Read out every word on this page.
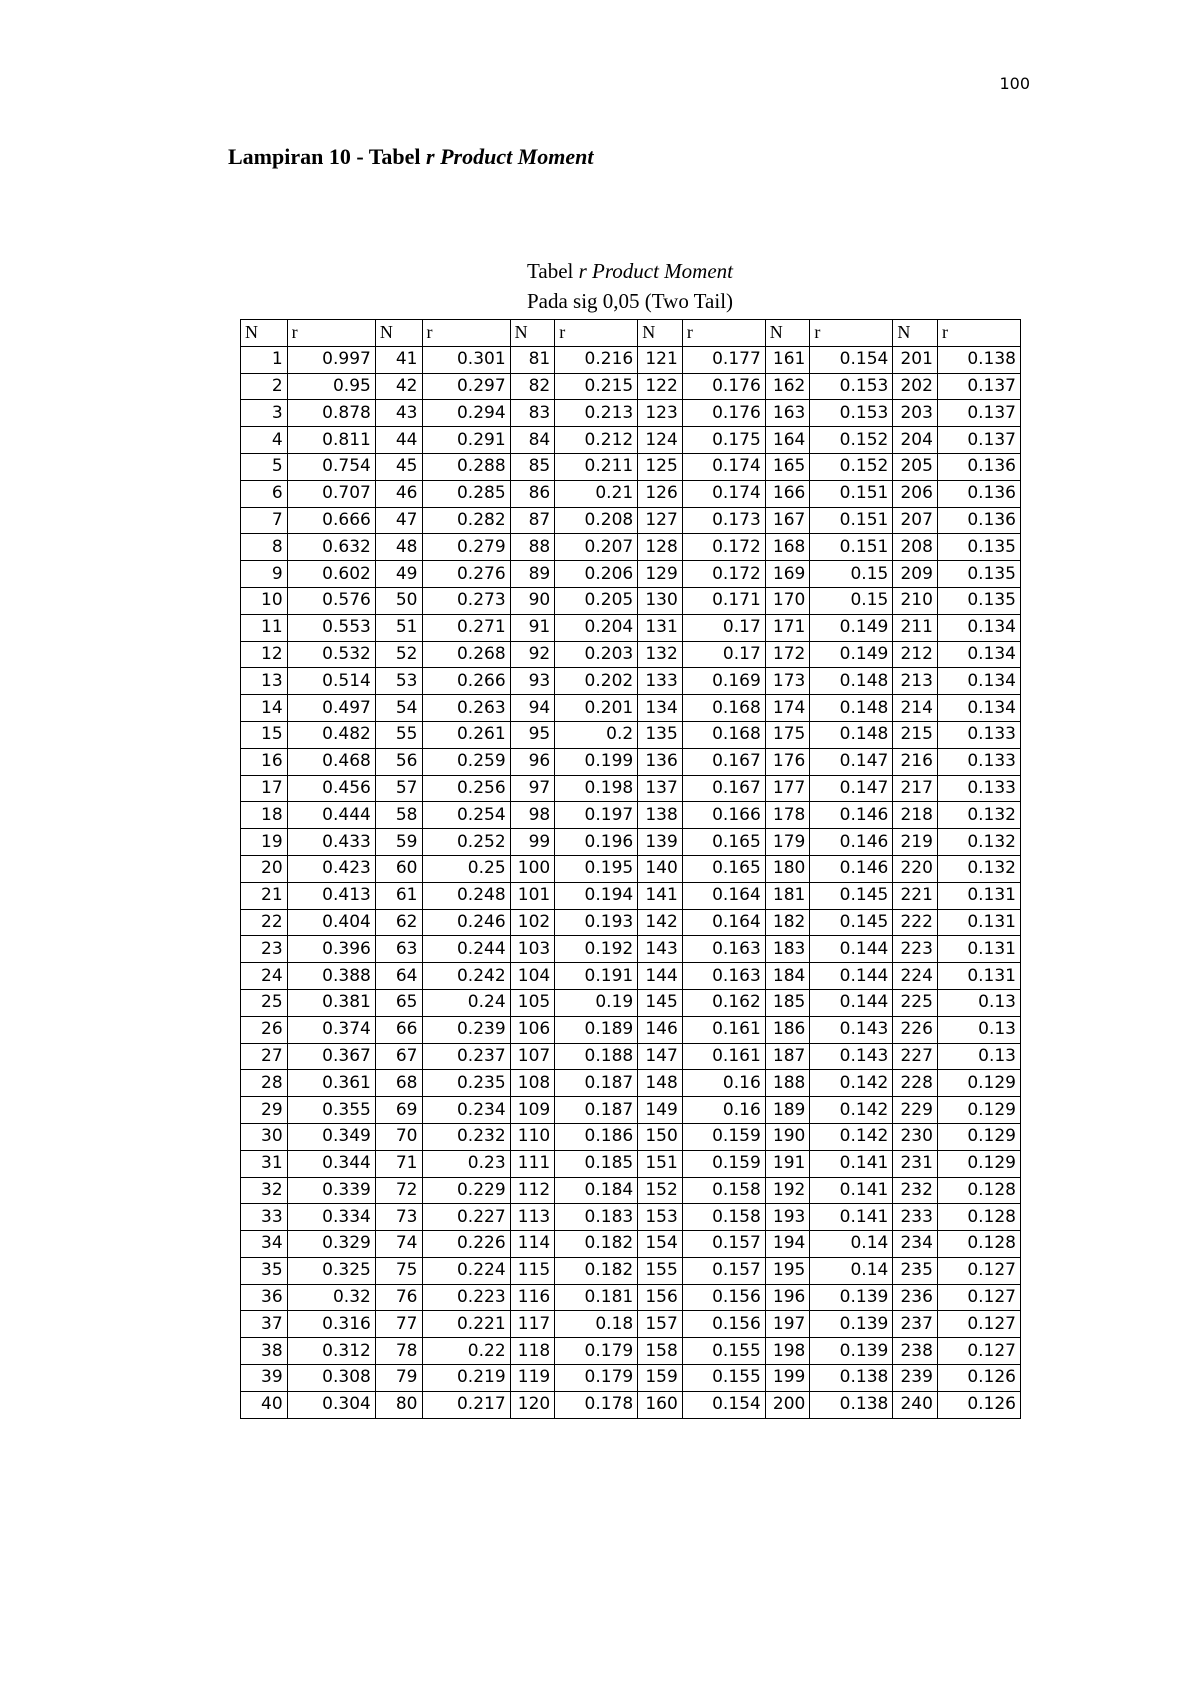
100
Lampiran 10 - Tabel r Product Moment
Tabel r Product Moment
Pada sig 0,05 (Two Tail)
N	r	N	r	N	r	N	r	N	r	N	r
1	0.997	41	0.301	81	0.216	121	0.177	161	0.154	201	0.138
2	0.95	42	0.297	82	0.215	122	0.176	162	0.153	202	0.137
3	0.878	43	0.294	83	0.213	123	0.176	163	0.153	203	0.137
4	0.811	44	0.291	84	0.212	124	0.175	164	0.152	204	0.137
5	0.754	45	0.288	85	0.211	125	0.174	165	0.152	205	0.136
6	0.707	46	0.285	86	0.21	126	0.174	166	0.151	206	0.136
7	0.666	47	0.282	87	0.208	127	0.173	167	0.151	207	0.136
8	0.632	48	0.279	88	0.207	128	0.172	168	0.151	208	0.135
9	0.602	49	0.276	89	0.206	129	0.172	169	0.15	209	0.135
10	0.576	50	0.273	90	0.205	130	0.171	170	0.15	210	0.135
11	0.553	51	0.271	91	0.204	131	0.17	171	0.149	211	0.134
12	0.532	52	0.268	92	0.203	132	0.17	172	0.149	212	0.134
13	0.514	53	0.266	93	0.202	133	0.169	173	0.148	213	0.134
14	0.497	54	0.263	94	0.201	134	0.168	174	0.148	214	0.134
15	0.482	55	0.261	95	0.2	135	0.168	175	0.148	215	0.133
16	0.468	56	0.259	96	0.199	136	0.167	176	0.147	216	0.133
17	0.456	57	0.256	97	0.198	137	0.167	177	0.147	217	0.133
18	0.444	58	0.254	98	0.197	138	0.166	178	0.146	218	0.132
19	0.433	59	0.252	99	0.196	139	0.165	179	0.146	219	0.132
20	0.423	60	0.25	100	0.195	140	0.165	180	0.146	220	0.132
21	0.413	61	0.248	101	0.194	141	0.164	181	0.145	221	0.131
22	0.404	62	0.246	102	0.193	142	0.164	182	0.145	222	0.131
23	0.396	63	0.244	103	0.192	143	0.163	183	0.144	223	0.131
24	0.388	64	0.242	104	0.191	144	0.163	184	0.144	224	0.131
25	0.381	65	0.24	105	0.19	145	0.162	185	0.144	225	0.13
26	0.374	66	0.239	106	0.189	146	0.161	186	0.143	226	0.13
27	0.367	67	0.237	107	0.188	147	0.161	187	0.143	227	0.13
28	0.361	68	0.235	108	0.187	148	0.16	188	0.142	228	0.129
29	0.355	69	0.234	109	0.187	149	0.16	189	0.142	229	0.129
30	0.349	70	0.232	110	0.186	150	0.159	190	0.142	230	0.129
31	0.344	71	0.23	111	0.185	151	0.159	191	0.141	231	0.129
32	0.339	72	0.229	112	0.184	152	0.158	192	0.141	232	0.128
33	0.334	73	0.227	113	0.183	153	0.158	193	0.141	233	0.128
34	0.329	74	0.226	114	0.182	154	0.157	194	0.14	234	0.128
35	0.325	75	0.224	115	0.182	155	0.157	195	0.14	235	0.127
36	0.32	76	0.223	116	0.181	156	0.156	196	0.139	236	0.127
37	0.316	77	0.221	117	0.18	157	0.156	197	0.139	237	0.127
38	0.312	78	0.22	118	0.179	158	0.155	198	0.139	238	0.127
39	0.308	79	0.219	119	0.179	159	0.155	199	0.138	239	0.126
40	0.304	80	0.217	120	0.178	160	0.154	200	0.138	240	0.126
